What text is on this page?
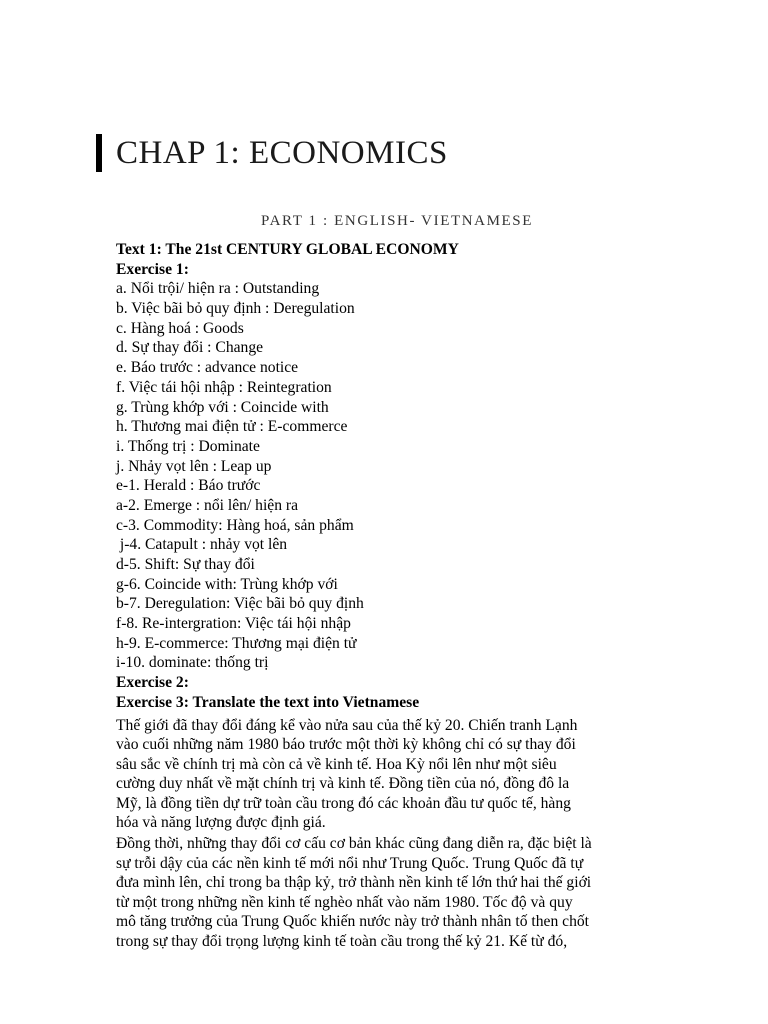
CHAP 1: ECONOMICS
PART 1 : ENGLISH- VIETNAMESE
Text 1: The 21st CENTURY GLOBAL ECONOMY
Exercise 1:
a. Nổi trội/ hiện ra : Outstanding
b. Việc bãi bỏ quy định : Deregulation
c. Hàng hoá : Goods
d. Sự thay đổi : Change
e. Báo trước : advance notice
f. Việc tái hội nhập : Reintegration
g. Trùng khớp với : Coincide with
h. Thương mai điện tử : E-commerce
i. Thống trị : Dominate
j. Nhảy vọt lên : Leap up
e-1. Herald : Báo trước
a-2. Emerge : nổi lên/ hiện ra
c-3. Commodity: Hàng hoá, sản phẩm
j-4. Catapult : nhảy vọt lên
d-5. Shift: Sự thay đổi
g-6. Coincide with: Trùng khớp với
b-7. Deregulation: Việc bãi bỏ quy định
f-8. Re-intergration: Việc tái hội nhập
h-9. E-commerce: Thương mại điện tử
i-10. dominate: thống trị
Exercise 2:
Exercise 3: Translate the text into Vietnamese
Thế giới đã thay đổi đáng kể vào nửa sau của thế kỷ 20. Chiến tranh Lạnh
vào cuối những năm 1980 báo trước một thời kỳ không chỉ có sự thay đổi
sâu sắc về chính trị mà còn cả về kinh tế. Hoa Kỳ nổi lên như một siêu
cường duy nhất về mặt chính trị và kinh tế. Đồng tiền của nó, đồng đô la
Mỹ, là đồng tiền dự trữ toàn cầu trong đó các khoản đầu tư quốc tế, hàng
hóa và năng lượng được định giá.
Đồng thời, những thay đổi cơ cấu cơ bản khác cũng đang diễn ra, đặc biệt là
sự trỗi dậy của các nền kinh tế mới nổi như Trung Quốc. Trung Quốc đã tự
đưa mình lên, chỉ trong ba thập kỷ, trở thành nền kinh tế lớn thứ hai thế giới
từ một trong những nền kinh tế nghèo nhất vào năm 1980. Tốc độ và quy
mô tăng trưởng của Trung Quốc khiến nước này trở thành nhân tố then chốt
trong sự thay đổi trọng lượng kinh tế toàn cầu trong thế kỷ 21. Kế từ đó,
